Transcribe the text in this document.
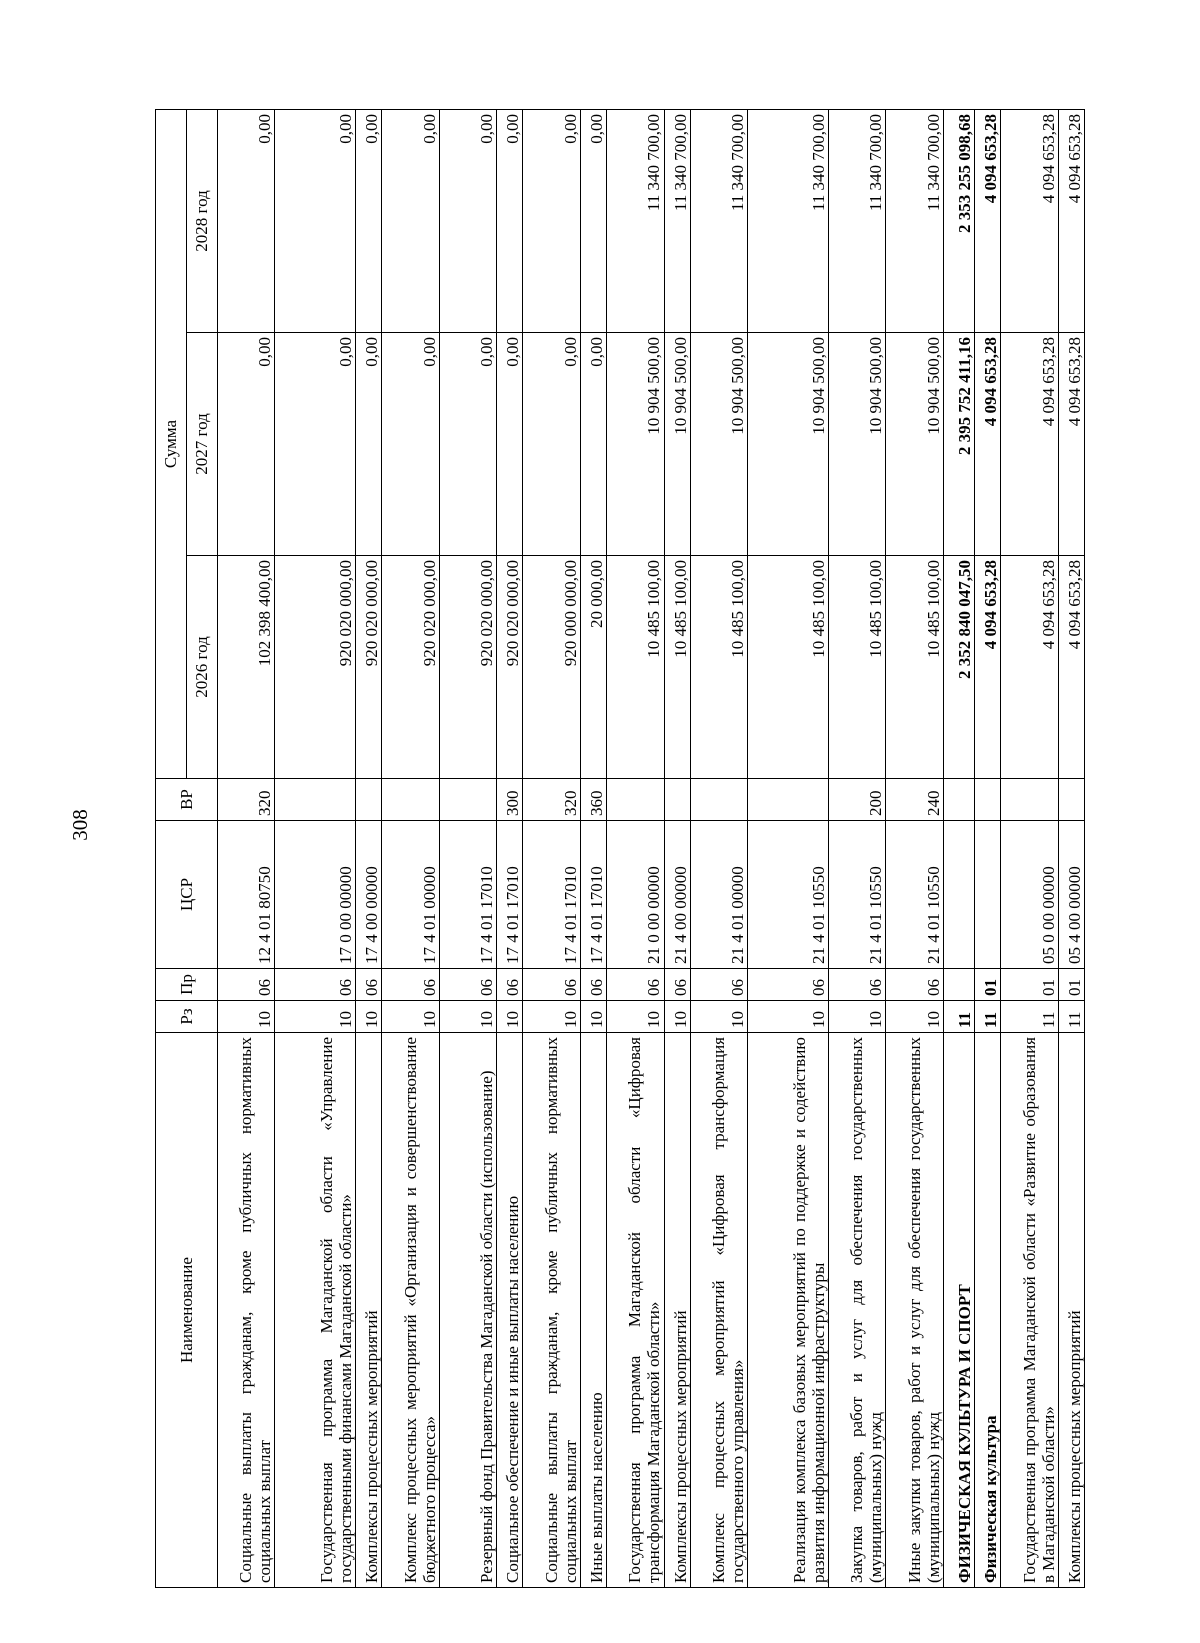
308
Наименование	Рз	Пр	ЦСР	ВР	Сумма		
					2026 год	2027 год	2028 год
Социальные выплаты гражданам, кроме публичных нормативных социальных выплат	10	06	12 4 01 80750	320	102 398 400,00	0,00	0,00
Государственная программа Магаданской области «Управление государственными финансами Магаданской области»	10	06	17 0 00 00000		920 020 000,00	0,00	0,00
Комплексы процессных мероприятий	10	06	17 4 00 00000		920 020 000,00	0,00	0,00
Комплекс процессных мероприятий «Организация и совершенствование бюджетного процесса»	10	06	17 4 01 00000		920 020 000,00	0,00	0,00
Резервный фонд Правительства Магаданской области (использование)	10	06	17 4 01 17010		920 020 000,00	0,00	0,00
Социальное обеспечение и иные выплаты населению	10	06	17 4 01 17010	300	920 020 000,00	0,00	0,00
Социальные выплаты гражданам, кроме публичных нормативных социальных выплат	10	06	17 4 01 17010	320	920 000 000,00	0,00	0,00
Иные выплаты населению	10	06	17 4 01 17010	360	20 000,00	0,00	0,00
Государственная программа Магаданской области «Цифровая трансформация Магаданской области»	10	06	21 0 00 00000		10 485 100,00	10 904 500,00	11 340 700,00
Комплексы процессных мероприятий	10	06	21 4 00 00000		10 485 100,00	10 904 500,00	11 340 700,00
Комплекс процессных мероприятий «Цифровая трансформация государственного управления»	10	06	21 4 01 00000		10 485 100,00	10 904 500,00	11 340 700,00
Реализация комплекса базовых мероприятий по поддержке и содействию развития информационной инфраструктуры	10	06	21 4 01 10550		10 485 100,00	10 904 500,00	11 340 700,00
Закупка товаров, работ и услуг для обеспечения государственных (муниципальных) нужд	10	06	21 4 01 10550	200	10 485 100,00	10 904 500,00	11 340 700,00
Иные закупки товаров, работ и услуг для обеспечения государственных (муниципальных) нужд	10	06	21 4 01 10550	240	10 485 100,00	10 904 500,00	11 340 700,00
ФИЗИЧЕСКАЯ КУЛЬТУРА И СПОРТ	11				2 352 840 047,50	2 395 752 411,16	2 353 255 098,68
Физическая культура	11	01			4 094 653,28	4 094 653,28	4 094 653,28
Государственная программа Магаданской области «Развитие образования в Магаданской области»	11	01	05 0 00 00000		4 094 653,28	4 094 653,28	4 094 653,28
Комплексы процессных мероприятий	11	01	05 4 00 00000		4 094 653,28	4 094 653,28	4 094 653,28
